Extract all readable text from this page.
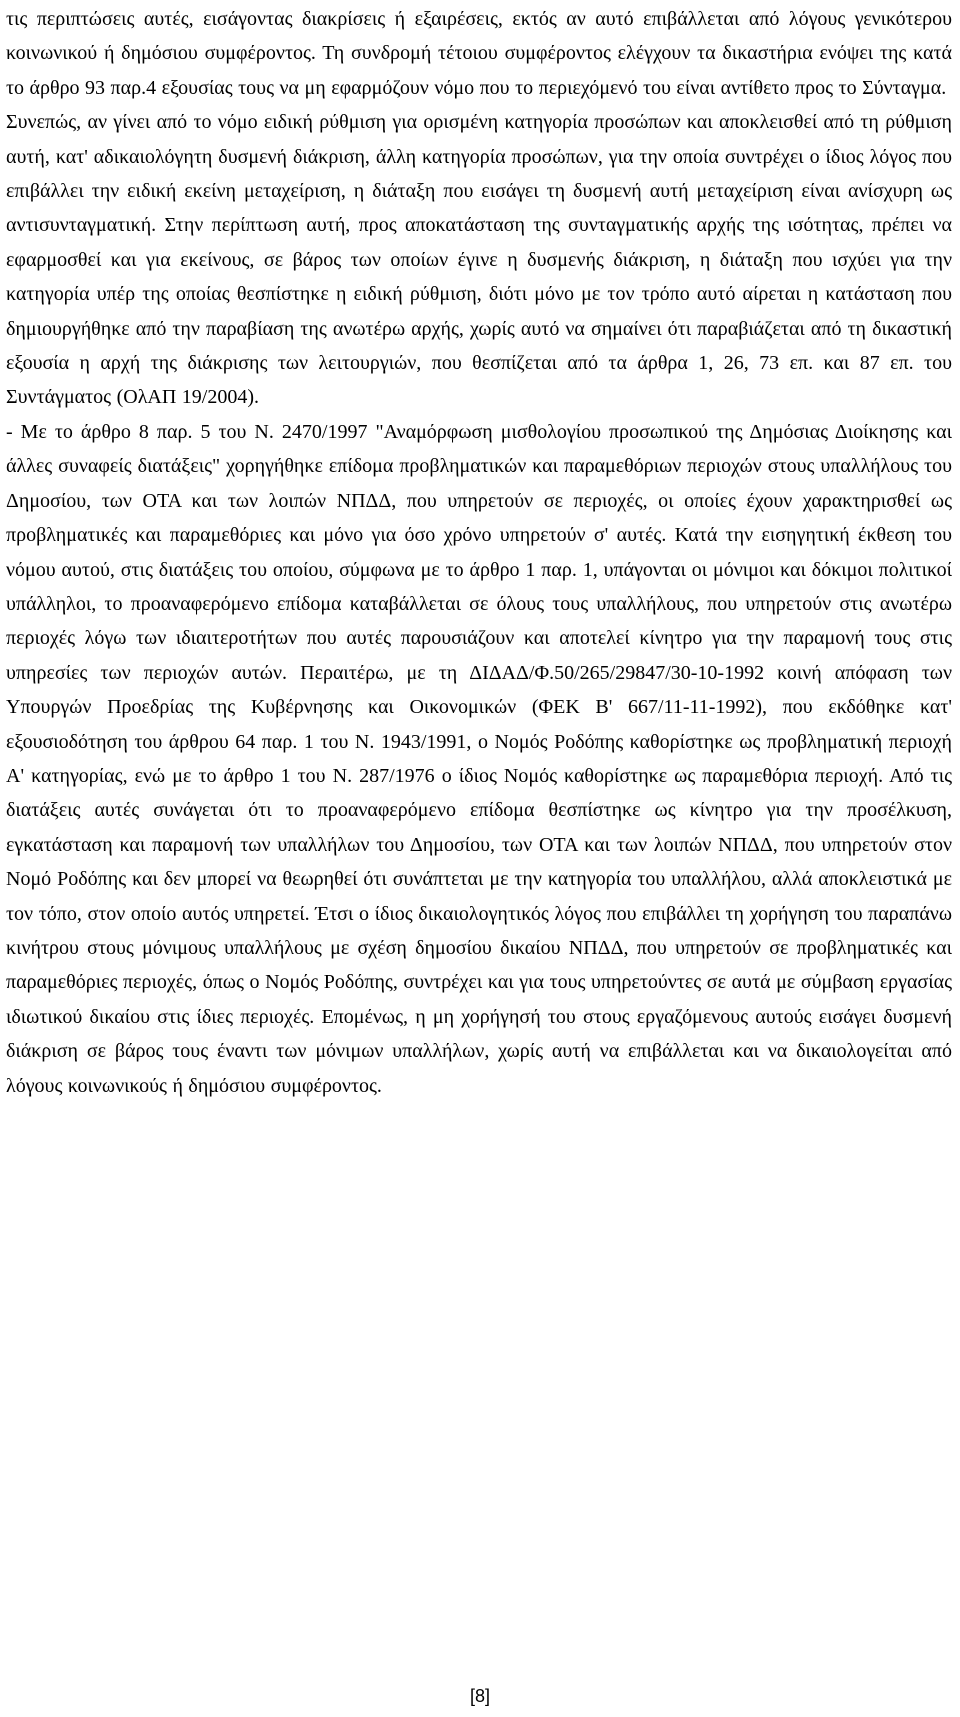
τις περιπτώσεις αυτές, εισάγοντας διακρίσεις ή εξαιρέσεις, εκτός αν αυτό επιβάλλεται από λόγους γενικότερου κοινωνικού ή δημόσιου συμφέροντος. Τη συνδρομή τέτοιου συμφέροντος ελέγχουν τα δικαστήρια ενόψει της κατά το άρθρο 93 παρ.4 εξουσίας τους να μη εφαρμόζουν νόμο που το περιεχόμενό του είναι αντίθετο προς το Σύνταγμα.

Συνεπώς, αν γίνει από το νόμο ειδική ρύθμιση για ορισμένη κατηγορία προσώπων και αποκλεισθεί από τη ρύθμιση αυτή, κατ' αδικαιολόγητη δυσμενή διάκριση, άλλη κατηγορία προσώπων, για την οποία συντρέχει ο ίδιος λόγος που επιβάλλει την ειδική εκείνη μεταχείριση, η διάταξη που εισάγει τη δυσμενή αυτή μεταχείριση είναι ανίσχυρη ως αντισυνταγματική. Στην περίπτωση αυτή, προς αποκατάσταση της συνταγματικής αρχής της ισότητας, πρέπει να εφαρμοσθεί και για εκείνους, σε βάρος των οποίων έγινε η δυσμενής διάκριση, η διάταξη που ισχύει για την κατηγορία υπέρ της οποίας θεσπίστηκε η ειδική ρύθμιση, διότι μόνο με τον τρόπο αυτό αίρεται η κατάσταση που δημιουργήθηκε από την παραβίαση της ανωτέρω αρχής, χωρίς αυτό να σημαίνει ότι παραβιάζεται από τη δικαστική εξουσία η αρχή της διάκρισης των λειτουργιών, που θεσπίζεται από τα άρθρα 1, 26, 73 επ. και 87 επ. του Συντάγματος (ΟλΑΠ 19/2004).

- Με το άρθρο 8 παρ. 5 του Ν. 2470/1997 "Αναμόρφωση μισθολογίου προσωπικού της Δημόσιας Διοίκησης και άλλες συναφείς διατάξεις" χορηγήθηκε επίδομα προβληματικών και παραμεθόριων περιοχών στους υπαλλήλους του Δημοσίου, των ΟΤΑ και των λοιπών ΝΠΔΔ, που υπηρετούν σε περιοχές, οι οποίες έχουν χαρακτηρισθεί ως προβληματικές και παραμεθόριες και μόνο για όσο χρόνο υπηρετούν σ' αυτές. Κατά την εισηγητική έκθεση του νόμου αυτού, στις διατάξεις του οποίου, σύμφωνα με το άρθρο 1 παρ. 1, υπάγονται οι μόνιμοι και δόκιμοι πολιτικοί υπάλληλοι, το προαναφερόμενο επίδομα καταβάλλεται σε όλους τους υπαλλήλους, που υπηρετούν στις ανωτέρω περιοχές λόγω των ιδιαιτεροτήτων που αυτές παρουσιάζουν και αποτελεί κίνητρο για την παραμονή τους στις υπηρεσίες των περιοχών αυτών. Περαιτέρω, με τη ΔΙΔΑΔ/Φ.50/265/29847/30-10-1992 κοινή απόφαση των Υπουργών Προεδρίας της Κυβέρνησης και Οικονομικών (ΦΕΚ Β' 667/11-11-1992), που εκδόθηκε κατ' εξουσιοδότηση του άρθρου 64 παρ. 1 του Ν. 1943/1991, ο Νομός Ροδόπης καθορίστηκε ως προβληματική περιοχή Α' κατηγορίας, ενώ με το άρθρο 1 του Ν. 287/1976 ο ίδιος Νομός καθορίστηκε ως παραμεθόρια περιοχή. Από τις διατάξεις αυτές συνάγεται ότι το προαναφερόμενο επίδομα θεσπίστηκε ως κίνητρο για την προσέλκυση, εγκατάσταση και παραμονή των υπαλλήλων του Δημοσίου, των ΟΤΑ και των λοιπών ΝΠΔΔ, που υπηρετούν στον Νομό Ροδόπης και δεν μπορεί να θεωρηθεί ότι συνάπτεται με την κατηγορία του υπαλλήλου, αλλά αποκλειστικά με τον τόπο, στον οποίο αυτός υπηρετεί. Έτσι ο ίδιος δικαιολογητικός λόγος που επιβάλλει τη χορήγηση του παραπάνω κινήτρου στους μόνιμους υπαλλήλους με σχέση δημοσίου δικαίου ΝΠΔΔ, που υπηρετούν σε προβληματικές και παραμεθόριες περιοχές, όπως ο Νομός Ροδόπης, συντρέχει και για τους υπηρετούντες σε αυτά με σύμβαση εργασίας ιδιωτικού δικαίου στις ίδιες περιοχές. Επομένως, η μη χορήγησή του στους εργαζόμενους αυτούς εισάγει δυσμενή διάκριση σε βάρος τους έναντι των μόνιμων υπαλλήλων, χωρίς αυτή να επιβάλλεται και να δικαιολογείται από λόγους κοινωνικούς ή δημόσιου συμφέροντος.

[8]
